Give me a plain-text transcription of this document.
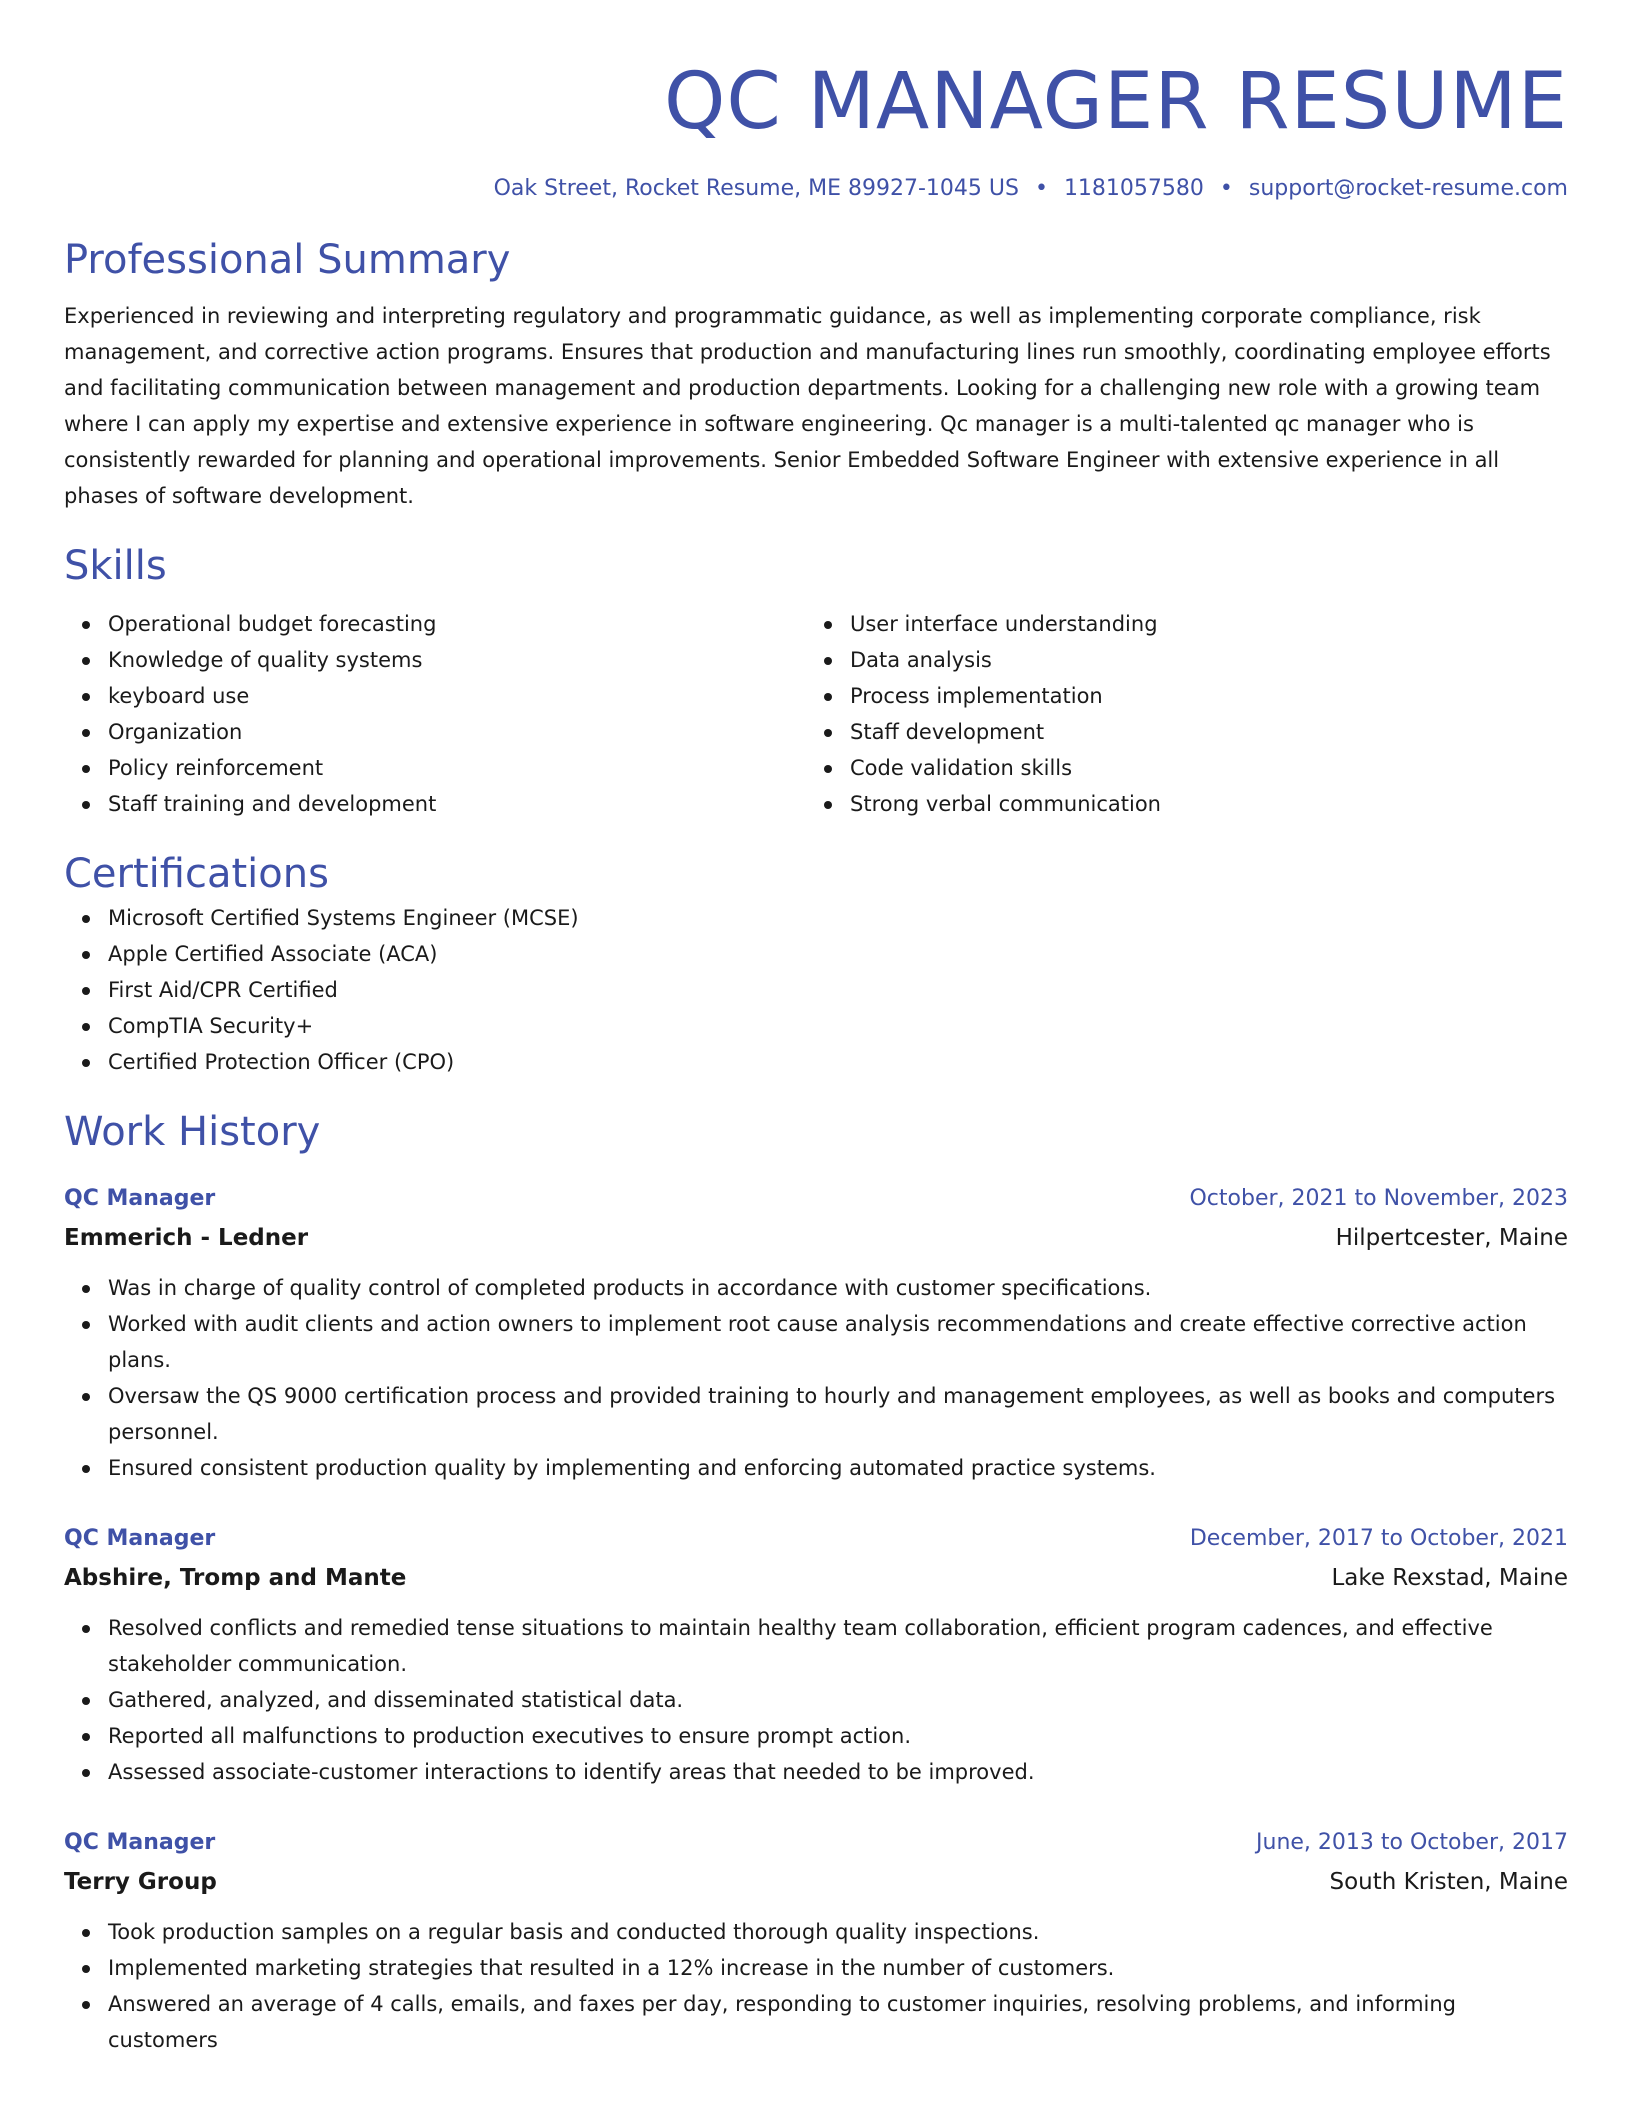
QC MANAGER RESUME
Oak Street, Rocket Resume, ME 89927-1045 US • 1181057580 • support@rocket-resume.com
Professional Summary

Experienced in reviewing and interpreting regulatory and programmatic guidance, as well as implementing corporate compliance, risk management, and corrective action programs. Ensures that production and manufacturing lines run smoothly, coordinating employee efforts and facilitating communication between management and production departments. Looking for a challenging new role with a growing team where I can apply my expertise and extensive experience in software engineering. Qc manager is a multi-talented qc manager who is consistently rewarded for planning and operational improvements. Senior Embedded Software Engineer with extensive experience in all phases of software development.

Skills
Operational budget forecasting
Knowledge of quality systems
keyboard use
Organization
Policy reinforcement
Staff training and development
User interface understanding
Data analysis
Process implementation
Staff development
Code validation skills
Strong verbal communication
Certifications
Microsoft Certified Systems Engineer (MCSE)
Apple Certified Associate (ACA)
First Aid/CPR Certified
CompTIA Security+
Certified Protection Officer (CPO)
Work History
QC Manager	October, 2021 to November, 2023
Emmerich - Ledner	Hilpertcester, Maine
Was in charge of quality control of completed products in accordance with customer specifications.
Worked with audit clients and action owners to implement root cause analysis recommendations and create effective corrective action plans.
Oversaw the QS 9000 certification process and provided training to hourly and management employees, as well as books and computers personnel.
Ensured consistent production quality by implementing and enforcing automated practice systems.
QC Manager	December, 2017 to October, 2021
Abshire, Tromp and Mante	Lake Rexstad, Maine
Resolved conflicts and remedied tense situations to maintain healthy team collaboration, efficient program cadences, and effective stakeholder communication.
Gathered, analyzed, and disseminated statistical data.
Reported all malfunctions to production executives to ensure prompt action.
Assessed associate-customer interactions to identify areas that needed to be improved.
QC Manager	June, 2013 to October, 2017
Terry Group	South Kristen, Maine
Took production samples on a regular basis and conducted thorough quality inspections.
Implemented marketing strategies that resulted in a 12% increase in the number of customers.
Answered an average of 4 calls, emails, and faxes per day, responding to customer inquiries, resolving problems, and informing customers
